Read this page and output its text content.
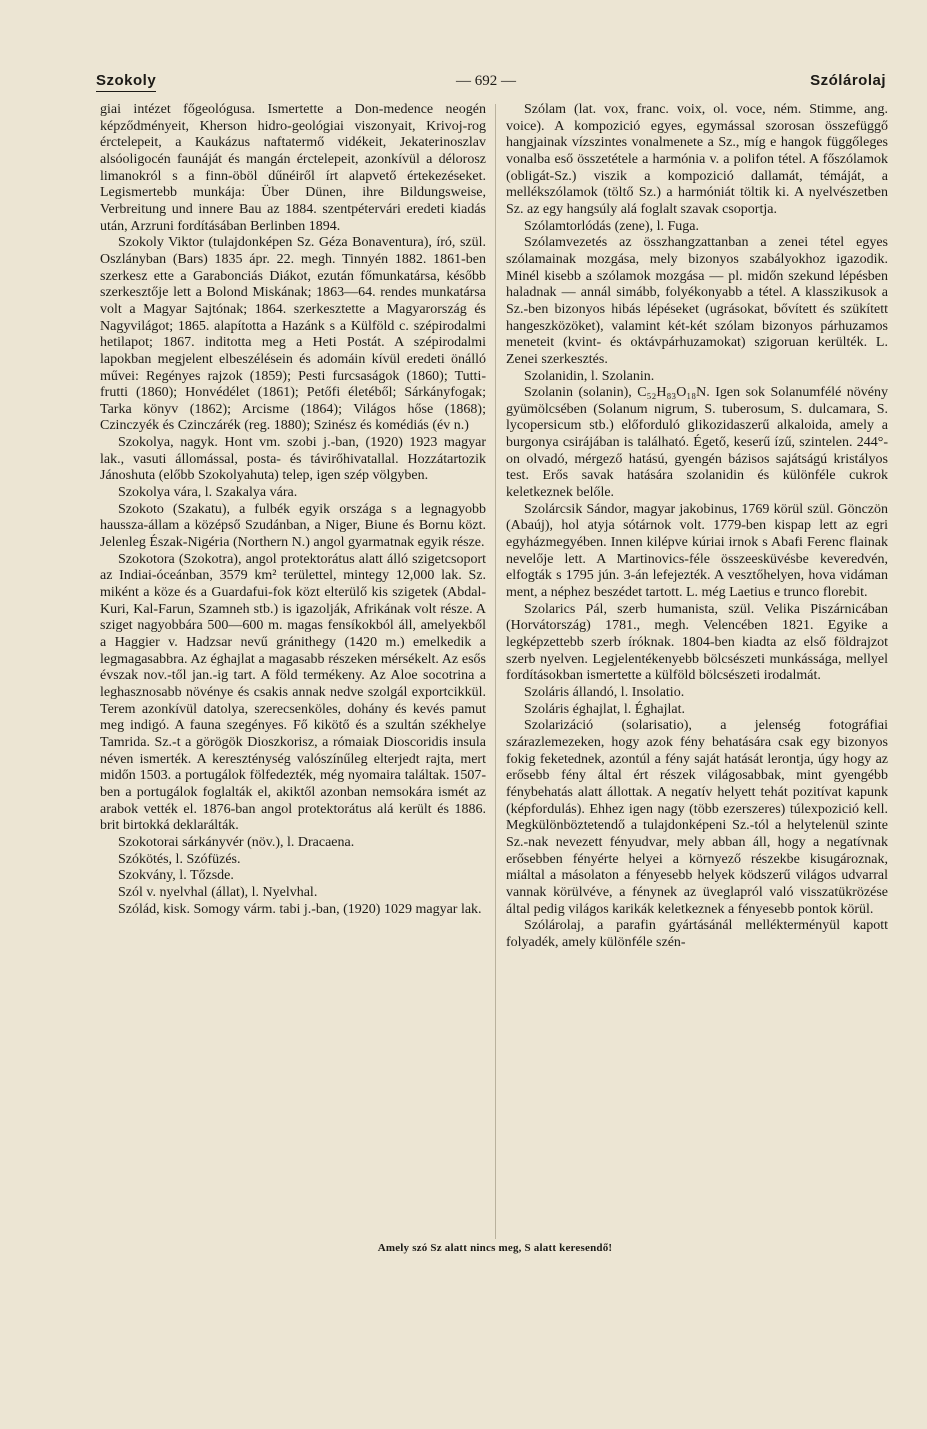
Szokoly	— 692 —	Szólárolaj

giai intézet főgeológusa. Ismertette a Don-medence neogén képződményeit, Kherson hidro-geológiai viszonyait, Krivoj-rog érctelepeit, a Kaukázus naftatermő vidékeit, Jekaterinoszlav alsóoligocén faunáját és mangán érctelepeit, azonkívül a délorosz limanokról s a finn-öböl dűnéiről írt alapvető értekezéseket. Legismertebb munkája: Über Dünen, ihre Bildungsweise, Verbreitung und innere Bau az 1884. szentpétervári eredeti kiadás után, Arzruni fordításában Berlinben 1894.

Szokoly Viktor (tulajdonképen Sz. Géza Bonaventura), író, szül. Oszlányban (Bars) 1835 ápr. 22. megh. Tinnyén 1882. 1861-ben szerkesz ette a Garabonciás Diákot, ezután főmunkatársa, később szerkesztője lett a Bolond Miskának; 1863—64. rendes munkatársa volt a Magyar Sajtónak; 1864. szerkesztette a Magyarország és Nagyvilágot; 1865. alapította a Hazánk s a Külföld c. szépirodalmi hetilapot; 1867. inditotta meg a Heti Postát. A szépirodalmi lapokban megjelent elbeszélésein és adomáin kívül eredeti önálló művei: Regényes rajzok (1859); Pesti furcsaságok (1860); Tutti-frutti (1860); Honvédélet (1861); Petőfi életéből; Sárkányfogak; Tarka könyv (1862); Arcisme (1864); Világos hőse (1868); Czinczyék és Czinczárék (reg. 1880); Szinész és komédiás (év n.)

Szokolya, nagyk. Hont vm. szobi j.-ban, (1920) 1923 magyar lak., vasuti állomással, posta- és távirőhivatallal. Hozzátartozik Jánoshuta (előbb Szokolyahuta) telep, igen szép völgyben.

Szokolya vára, l. Szakalya vára.

Szokoto (Szakatu), a fulbék egyik országa s a legnagyobb haussza-állam a középső Szudánban, a Niger, Biune és Bornu közt. Jelenleg Észak-Nigéria (Northern N.) angol gyarmatnak egyik része.

Szokotora (Szokotra), angol protektorátus alatt álló szigetcsoport az Indiai-óceánban, 3579 km² területtel, mintegy 12,000 lak. Sz. miként a köze és a Guardafui-fok közt elterülő kis szigetek (Abdal-Kuri, Kal-Farun, Szamneh stb.) is igazolják, Afrikának volt része. A sziget nagyobbára 500—600 m. magas fensíkokból áll, amelyekből a Haggier v. Hadzsar nevű gránithegy (1420 m.) emelkedik a legmagasabbra. Az éghajlat a magasabb részeken mérsékelt. Az esős évszak nov.-től jan.-ig tart. A föld termékeny. Az Aloe socotrina a leghasznosabb növénye és csakis annak nedve szolgál exportcikkül. Terem azonkívül datolya, szerecsenköles, dohány és kevés pamut meg indigó. A fauna szegényes. Fő kikötő és a szultán székhelye Tamrida. Sz.-t a görögök Dioszkorisz, a rómaiak Dioscoridis insula néven ismerték. A kereszténység valószínűleg elterjedt rajta, mert midőn 1503. a portugálok fölfedezték, még nyomaira találtak. 1507-ben a portugálok foglalták el, akiktől azonban nemsokára ismét az arabok vették el. 1876-ban angol protektorátus alá került és 1886. brit birtokká deklarálták.

Szokotorai sárkányvér (növ.), l. Dracaena.

Szókötés, l. Szófüzés.

Szokvány, l. Tőzsde.

Szól v. nyelvhal (állat), l. Nyelvhal.

Szólád, kisk. Somogy várm. tabi j.-ban, (1920) 1029 magyar lak.

Szólam (lat. vox, franc. voix, ol. voce, ném. Stimme, ang. voice). A kompozició egyes, egymással szorosan összefüggő hangjainak vízszintes vonalmenete a Sz., míg e hangok függőleges vonalba eső összetétele a harmónia v. a polifon tétel. A főszólamok (obligát-Sz.) viszik a kompozició dallamát, témáját, a mellékszólamok (töltő Sz.) a harmóniát töltik ki. A nyelvészetben Sz. az egy hangsúly alá foglalt szavak csoportja.

Szólamtorlódás (zene), l. Fuga.

Szólamvezetés az összhangzattanban a zenei tétel egyes szólamainak mozgása, mely bizonyos szabályokhoz igazodik. Minél kisebb a szólamok mozgása — pl. midőn szekund lépésben haladnak — annál simább, folyékonyabb a tétel. A klasszikusok a Sz.-ben bizonyos hibás lépéseket (ugrásokat, bővített és szükített hangeszközöket), valamint két-két szólam bizonyos párhuzamos meneteit (kvint- és oktávpárhuzamokat) szigoruan kerülték. L. Zenei szerkesztés.

Szolanidin, l. Szolanin.

Szolanin (solanin), C₅₂H₈₃O₁₈N. Igen sok Solanumfélé növény gyümölcsében (Solanum nigrum, S. tuberosum, S. dulcamara, S. lycopersicum stb.) előforduló glikozidaszerű alkaloida, amely a burgonya csirájában is található. Égető, keserű ízű, szintelen. 244°-on olvadó, mérgező hatású, gyengén bázisos sajátságú kristályos test. Erős savak hatására szolanidin és különféle cukrok keletkeznek belőle.

Szolárcsik Sándor, magyar jakobinus, 1769 körül szül. Gönczön (Abaúj), hol atyja sótárnok volt. 1779-ben kispap lett az egri egyházmegyében. Innen kilépve kúriai irnok s Abafi Ferenc flainak nevelője lett. A Martinovics-féle összeesküvésbe keveredvén, elfogták s 1795 jún. 3-án lefejezték. A vesztőhelyen, hova vidáman ment, a néphez beszédet tartott. L. még Laetius e trunco florebit.

Szolarics Pál, szerb humanista, szül. Velika Piszárnicában (Horvátország) 1781., megh. Velencében 1821. Egyike a legképzettebb szerb íróknak. 1804-ben kiadta az első földrajzot szerb nyelven. Legjelentékenyebb bölcsészeti munkássága, mellyel fordításokban ismertette a külföld bölcsészeti irodalmát.

Szoláris állandó, l. Insolatio.

Szoláris éghajlat, l. Éghajlat.

Szolarizáció (solarisatio), a jelenség fotográfiai szárazlemezeken, hogy azok fény behatására csak egy bizonyos fokig feketednek, azontúl a fény saját hatását lerontja, úgy hogy az erősebb fény által ért részek világosabbak, mint gyengébb fénybehatás alatt állottak. A negatív helyett tehát pozitívat kapunk (képfordulás). Ehhez igen nagy (több ezerszeres) túlexpozició kell. Megkülönböztetendő a tulajdonképeni Sz.-tól a helytelenül szinte Sz.-nak nevezett fényudvar, mely abban áll, hogy a negatívnak erősebben fényérte helyei a környező részekbe kisugároznak, miáltal a másolaton a fényesebb helyek ködszerű világos udvarral vannak körülvéve, a fénynek az üveglapról való visszatükrözése által pedig világos karikák keletkeznek a fényesebb pontok körül.

Szólárolaj, a parafin gyártásánál mellékterményül kapott folyadék, amely különféle szén-

Amely szó Sz alatt nincs meg, S alatt keresendő!
